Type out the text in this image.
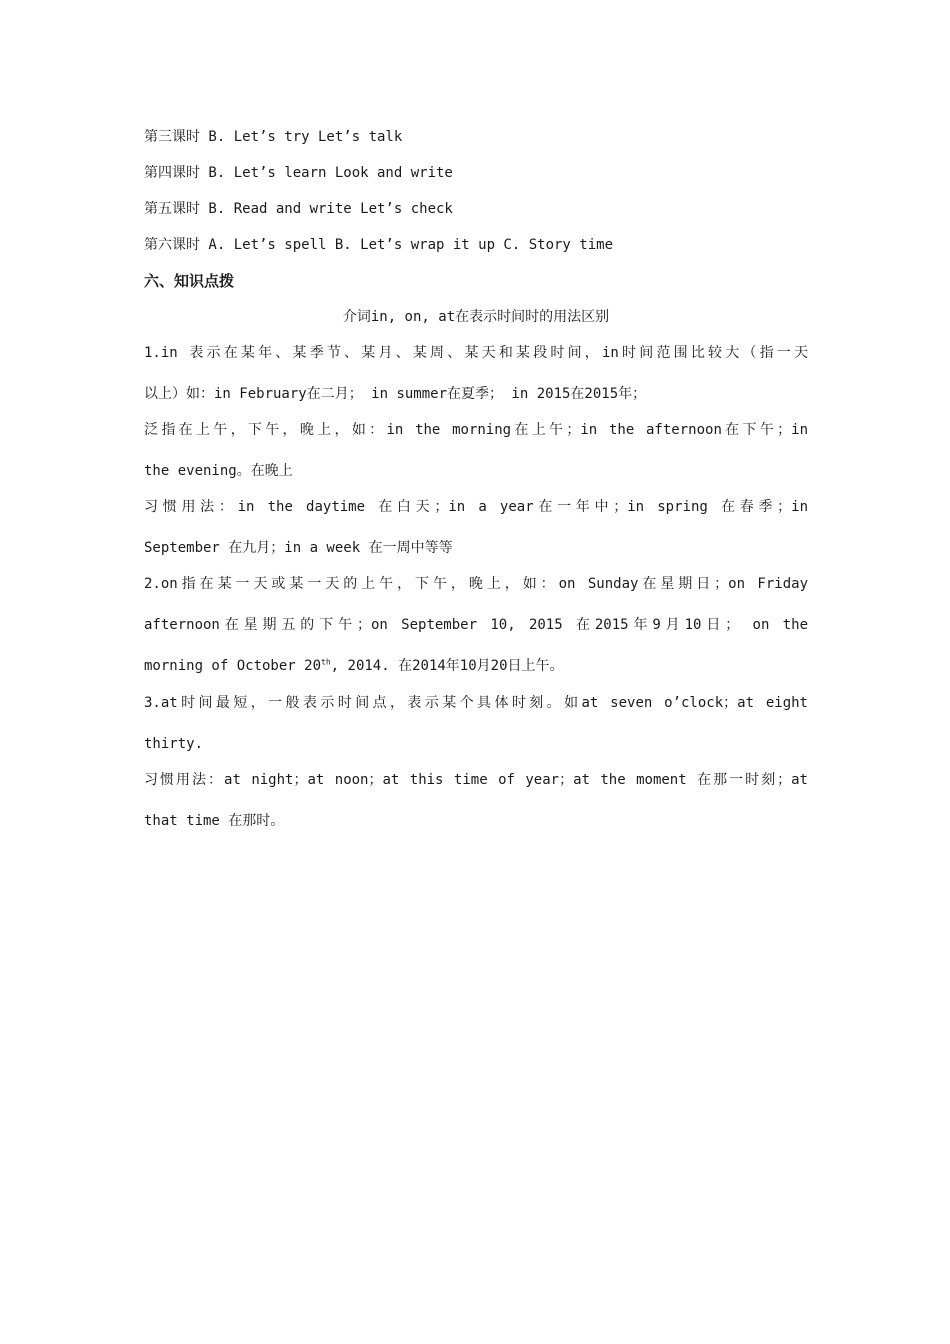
第三课时 B. Let’s try Let’s talk
第四课时 B. Let’s learn Look and write
第五课时 B. Read and write Let’s check
第六课时 A. Let’s spell B. Let’s wrap it up C. Story time
六、知识点拨
介词in, on, at在表示时间时的用法区别
1.in 表示在某年、某季节、某月、某周、某天和某段时间，in时间范围比较大（指一天
以上）如：in February在二月； in summer在夏季； in 2015在2015年；
泛指在上午，下午，晚上，如：in the morning在上午；in the afternoon在下午；in
the evening。在晚上
习惯用法：in the daytime 在白天；in a year在一年中；in spring 在春季；in
September 在九月；in a week 在一周中等等
2.on指在某一天或某一天的上午，下午，晚上，如：on Sunday在星期日；on Friday
afternoon在星期五的下午；on September 10, 2015 在2015年9月10日； on the
morning of October 20th, 2014. 在2014年10月20日上午。
3.at时间最短，一般表示时间点，表示某个具体时刻。如at seven o’clock；at eight
thirty.
习惯用法：at night；at noon；at this time of year；at the moment 在那一时刻；at
that time 在那时。
